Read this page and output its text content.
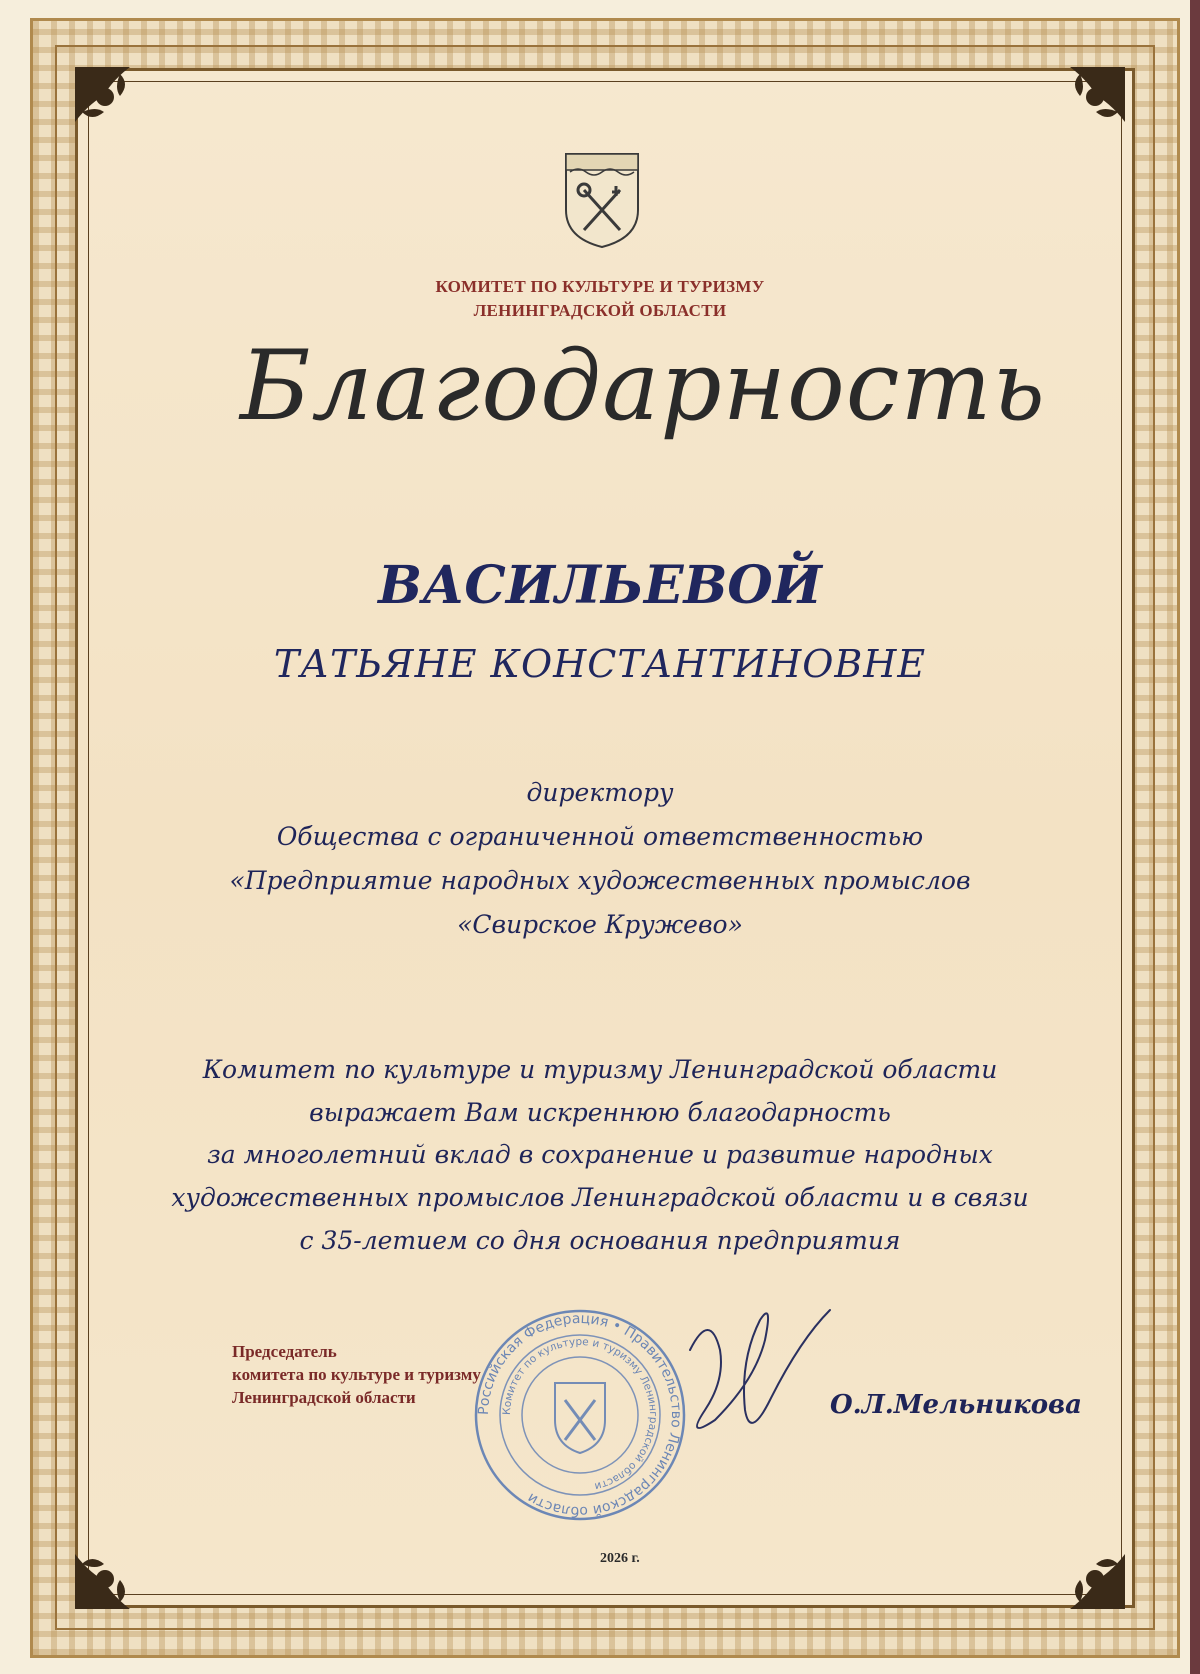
КОМИТЕТ ПО КУЛЬТУРЕ И ТУРИЗМУ
ЛЕНИНГРАДСКОЙ ОБЛАСТИ
Благодарность
ВАСИЛЬЕВОЙ
ТАТЬЯНЕ КОНСТАНТИНОВНЕ
директору
Общества с ограниченной ответственностью
«Предприятие народных художественных промыслов
«Свирское Кружево»
Комитет по культуре и туризму Ленинградской области
выражает Вам искреннюю благодарность
за многолетний вклад в сохранение и развитие народных
художественных промыслов Ленинградской области и в связи
с 35-летием со дня основания предприятия
Председатель
комитета по культуре и туризму
Ленинградской области
Российская Федерация • Правительство Ленинградской области
Комитет по культуре и туризму Ленинградской области
О.Л.Мельникова
2026 г.
